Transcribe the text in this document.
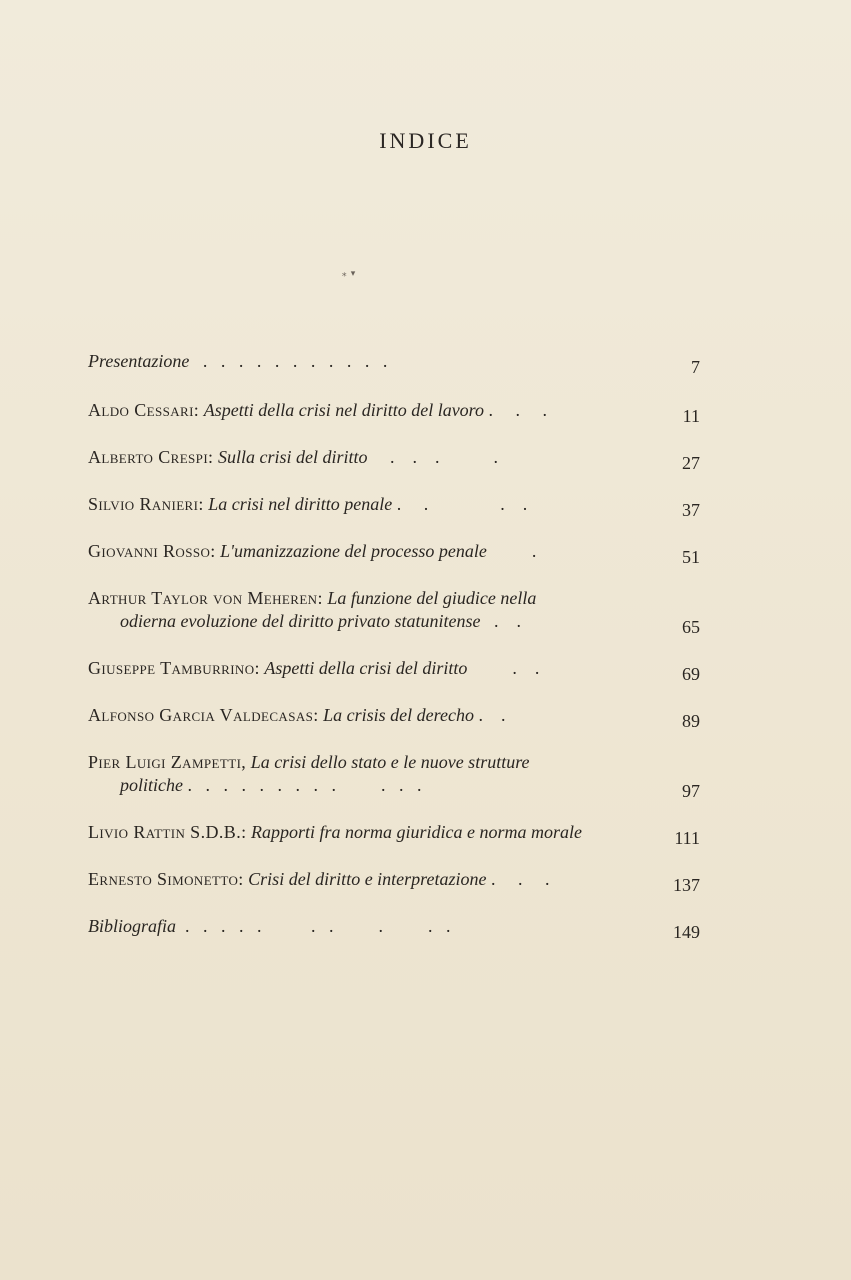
INDICE
⁎ ▾
Presentazione   .   .   .   .   .   .   .   .   .   .   .	7
Aldo Cessari: Aspetti della crisi nel diritto del lavoro .     .     .	11
Alberto Crespi: Sulla crisi del diritto     .    .    .            .	27
Silvio Ranieri: La crisi nel diritto penale .     .                .    .	37
Giovanni Rosso: L'umanizzazione del processo penale          .	51
Arthur Taylor von Meheren: La funzione del giudice nella
odierna evoluzione del diritto privato statunitense   .    .	65
Giuseppe Tamburrino: Aspetti della crisi del diritto          .    .	69
Alfonso Garcia Valdecasas: La crisis del derecho .    .	89
Pier Luigi Zampetti, La crisi dello stato e le nuove strutture
politiche .   .   .   .   .   .   .   .   .          .   .   .	97
Livio Rattin S.D.B.: Rapporti fra norma giuridica e norma morale	111
Ernesto Simonetto: Crisi del diritto e interpretazione .     .     .	137
Bibliografia  .   .   .   .   .           .   .          .          .   .	149
